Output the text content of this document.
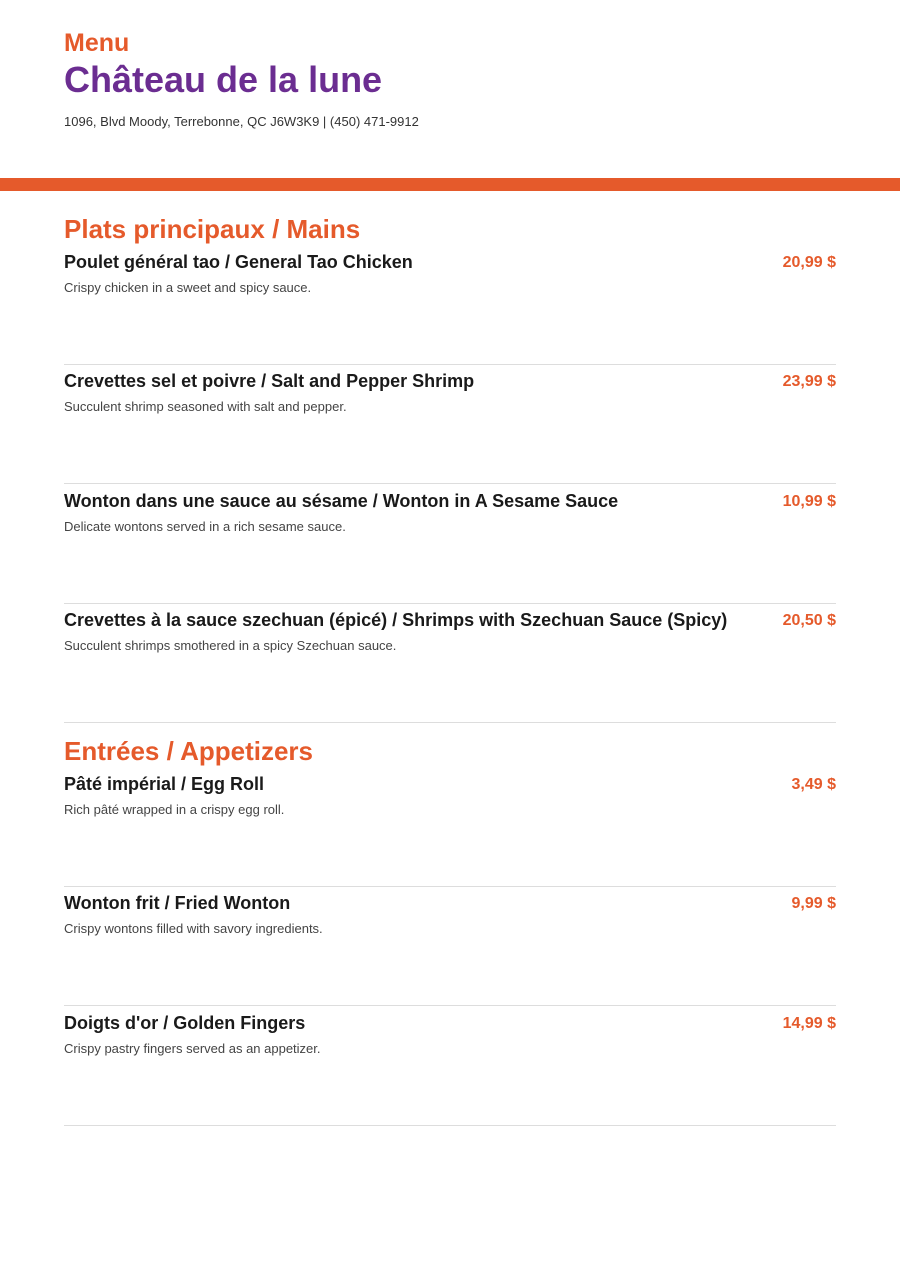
Menu
Château de la lune
1096, Blvd Moody, Terrebonne, QC J6W3K9 | (450) 471-9912
Plats principaux / Mains
Poulet général tao / General Tao Chicken	20,99 $
Crispy chicken in a sweet and spicy sauce.
Crevettes sel et poivre / Salt and Pepper Shrimp	23,99 $
Succulent shrimp seasoned with salt and pepper.
Wonton dans une sauce au sésame / Wonton in A Sesame Sauce	10,99 $
Delicate wontons served in a rich sesame sauce.
Crevettes à la sauce szechuan (épicé) / Shrimps with Szechuan Sauce (Spicy)	20,50 $
Succulent shrimps smothered in a spicy Szechuan sauce.
Entrées / Appetizers
Pâté impérial / Egg Roll	3,49 $
Rich pâté wrapped in a crispy egg roll.
Wonton frit / Fried Wonton	9,99 $
Crispy wontons filled with savory ingredients.
Doigts d'or / Golden Fingers	14,99 $
Crispy pastry fingers served as an appetizer.
